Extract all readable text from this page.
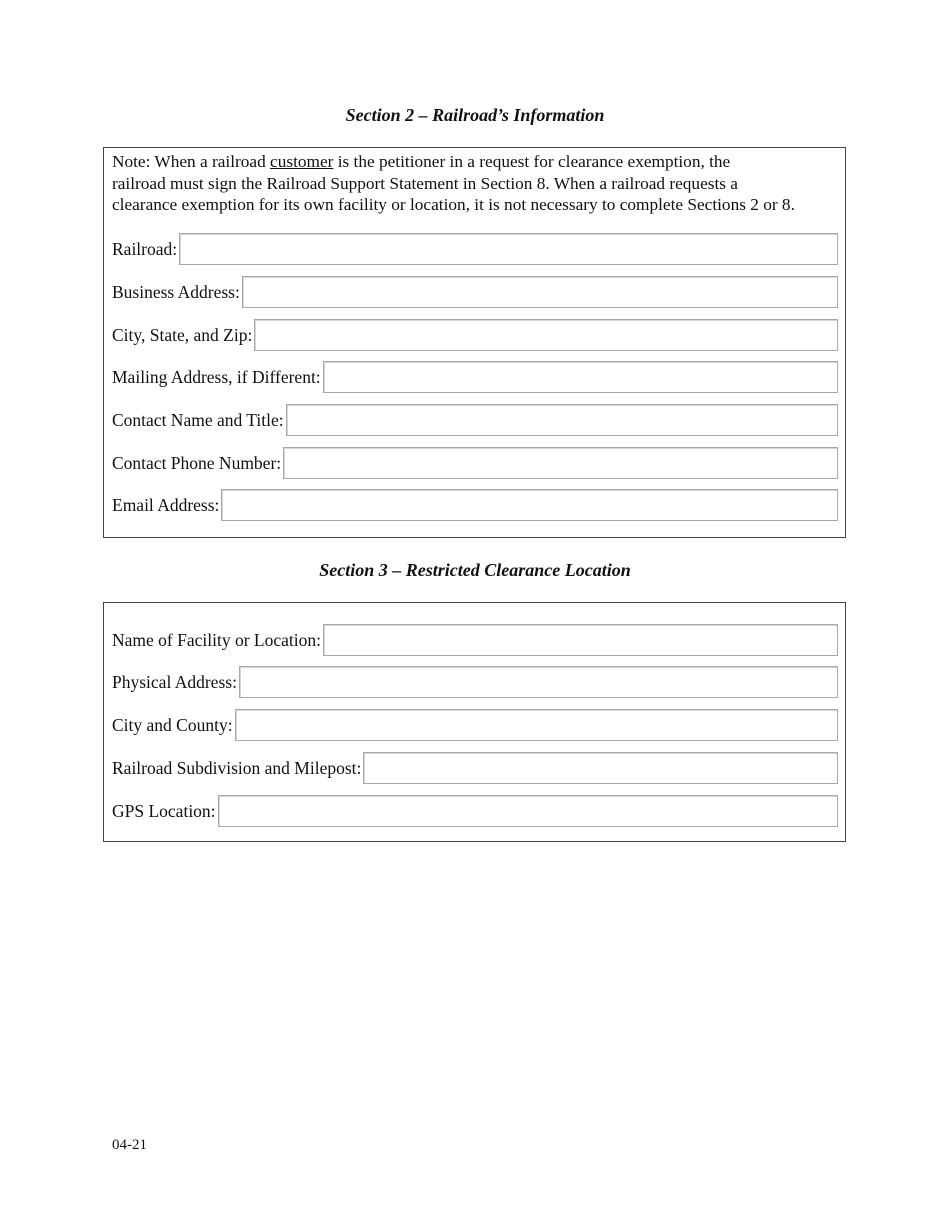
Section 2 – Railroad’s Information

Note: When a railroad customer is the petitioner in a request for clearance exemption, the
railroad must sign the Railroad Support Statement in Section 8. When a railroad requests a
clearance exemption for its own facility or location, it is not necessary to complete Sections 2 or 8.

Railroad:
Business Address:
City, State, and Zip:
Mailing Address, if Different:
Contact Name and Title:
Contact Phone Number:
Email Address:
Section 3 – Restricted Clearance Location
Name of Facility or Location:
Physical Address:
City and County:
Railroad Subdivision and Milepost:
GPS Location:

04-21
